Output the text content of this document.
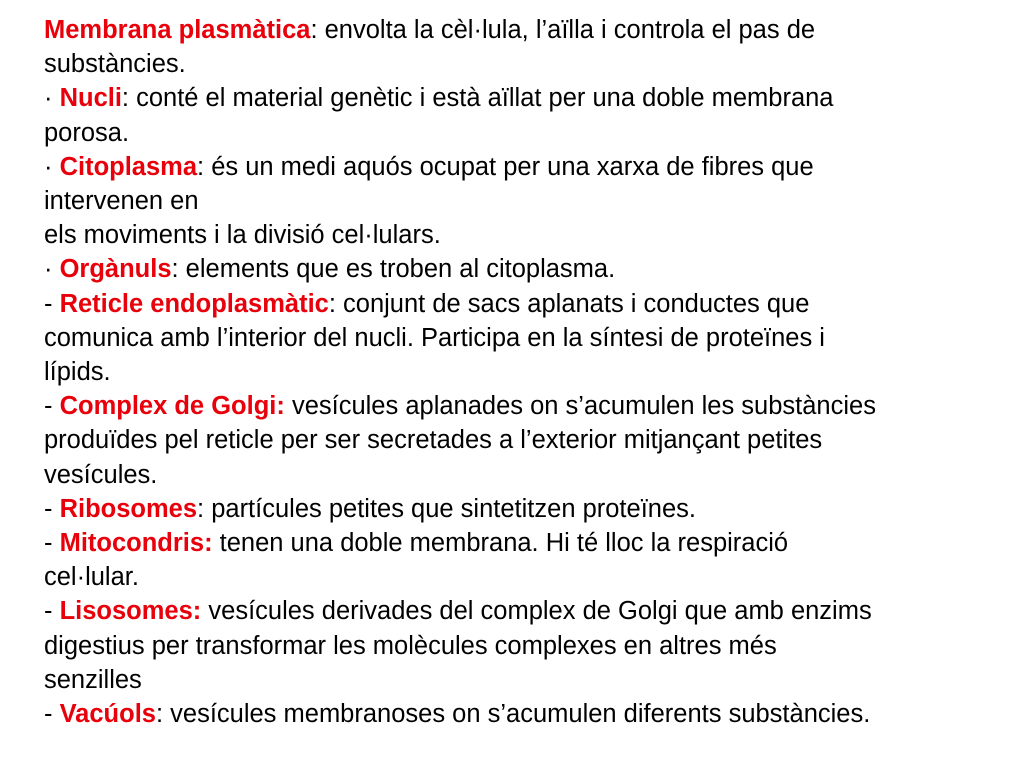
Membrana plasmàtica: envolta la cèl·lula, l’aïlla i controla el pas de
substàncies.
· Nucli: conté el material genètic i està aïllat per una doble membrana
porosa.
· Citoplasma: és un medi aquós ocupat per una xarxa de fibres que
intervenen en
els moviments i la divisió cel·lulars.
· Orgànuls: elements que es troben al citoplasma.
- Reticle endoplasmàtic: conjunt de sacs aplanats i conductes que
comunica amb l’interior del nucli. Participa en la síntesi de proteïnes i
lípids.
- Complex de Golgi: vesícules aplanades on s’acumulen les substàncies
produïdes pel reticle per ser secretades a l’exterior mitjançant petites
vesícules.
- Ribosomes: partícules petites que sintetitzen proteïnes.
- Mitocondris: tenen una doble membrana. Hi té lloc la respiració
cel·lular.
- Lisosomes: vesícules derivades del complex de Golgi que amb enzims
digestius per transformar les molècules complexes en altres més
senzilles
- Vacúols: vesícules membranoses on s’acumulen diferents substàncies.
